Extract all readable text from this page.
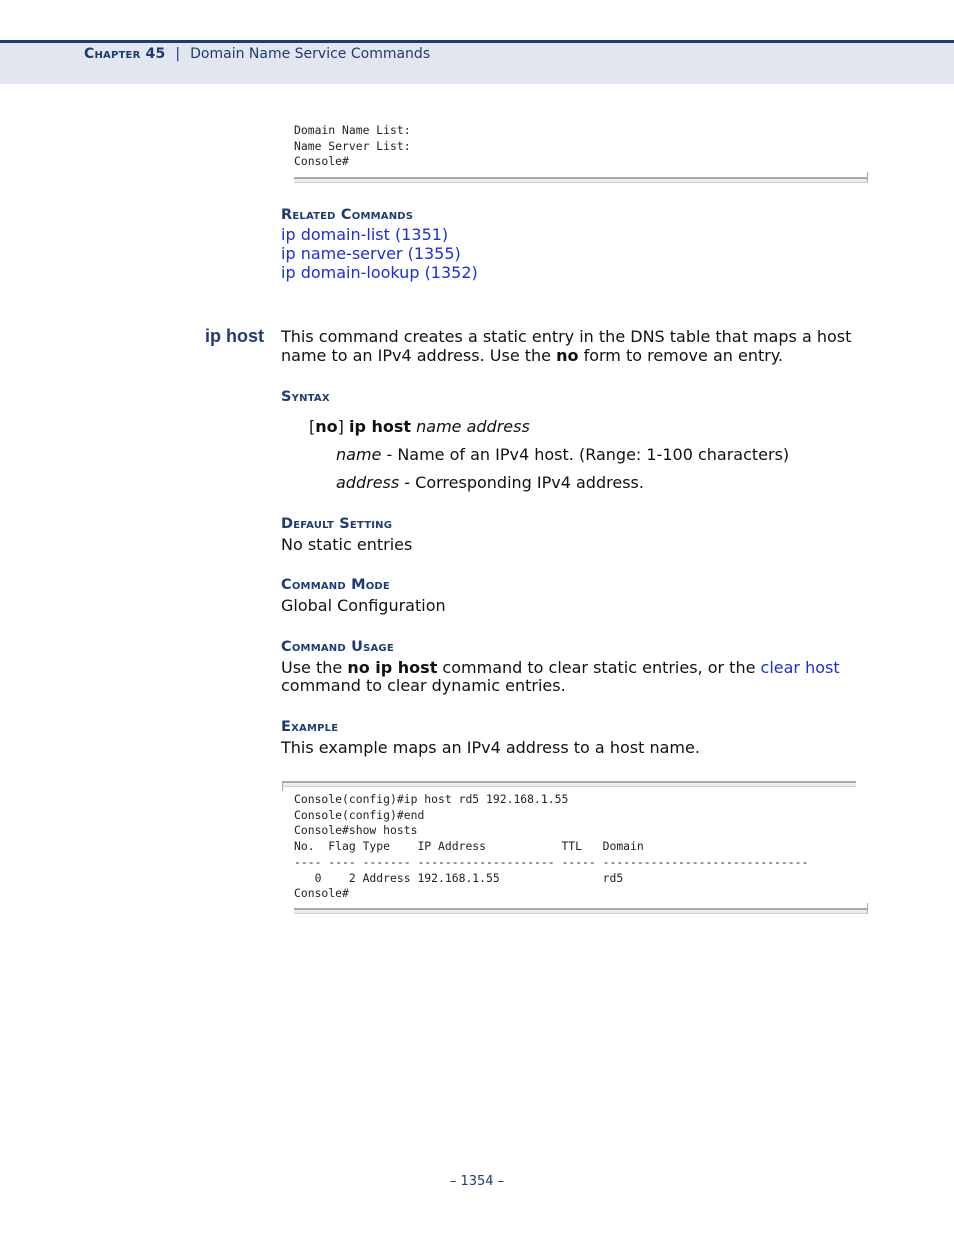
Chapter 45 | Domain Name Service Commands
Domain Name List:
Name Server List:
Console#
Related Commands
ip domain-list (1351)
ip name-server (1355)
ip domain-lookup (1352)
ip host This command creates a static entry in the DNS table that maps a host
name to an IPv4 address. Use the no form to remove an entry.
Syntax
[no] ip host name address
name - Name of an IPv4 host. (Range: 1-100 characters)
address - Corresponding IPv4 address.
Default Setting
No static entries
Command Mode
Global Configuration
Command Usage
Use the no ip host command to clear static entries, or the clear host
command to clear dynamic entries.
Example
This example maps an IPv4 address to a host name.
Console(config)#ip host rd5 192.168.1.55
Console(config)#end
Console#show hosts
No.  Flag Type    IP Address           TTL   Domain
---- ---- ------- -------------------- ----- ------------------------------
0    2 Address 192.168.1.55               rd5
Console#
– 1354 –
